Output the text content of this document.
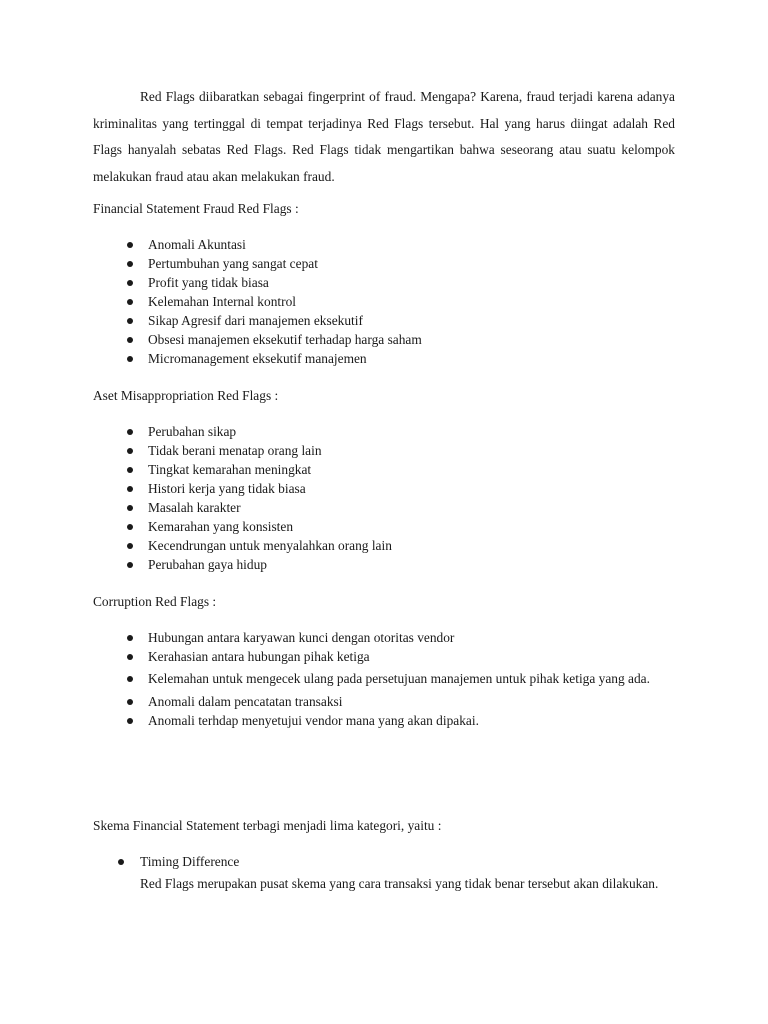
Red Flags diibaratkan sebagai fingerprint of fraud. Mengapa? Karena, fraud terjadi karena adanya kriminalitas yang tertinggal di tempat terjadinya Red Flags tersebut. Hal yang harus diingat adalah Red Flags hanyalah sebatas Red Flags. Red Flags tidak mengartikan bahwa seseorang atau suatu kelompok melakukan fraud atau akan melakukan fraud.

Financial Statement Fraud Red Flags :

Anomali Akuntasi
Pertumbuhan yang sangat cepat
Profit yang tidak biasa
Kelemahan Internal kontrol
Sikap Agresif dari manajemen eksekutif
Obsesi manajemen eksekutif terhadap harga saham
Micromanagement eksekutif manajemen

Aset Misappropriation Red Flags :

Perubahan sikap
Tidak berani menatap orang lain
Tingkat kemarahan meningkat
Histori kerja yang tidak biasa
Masalah karakter
Kemarahan yang konsisten
Kecendrungan untuk menyalahkan orang lain
Perubahan gaya hidup

Corruption Red Flags :

Hubungan antara karyawan kunci dengan otoritas vendor
Kerahasian antara hubungan pihak ketiga
Kelemahan untuk mengecek ulang pada persetujuan manajemen untuk pihak ketiga yang ada.
Anomali dalam pencatatan transaksi
Anomali terhdap menyetujui vendor mana yang akan dipakai.

Skema Financial Statement terbagi menjadi lima kategori, yaitu :

Timing Difference
Red Flags merupakan pusat skema yang cara transaksi yang tidak benar tersebut akan dilakukan.
